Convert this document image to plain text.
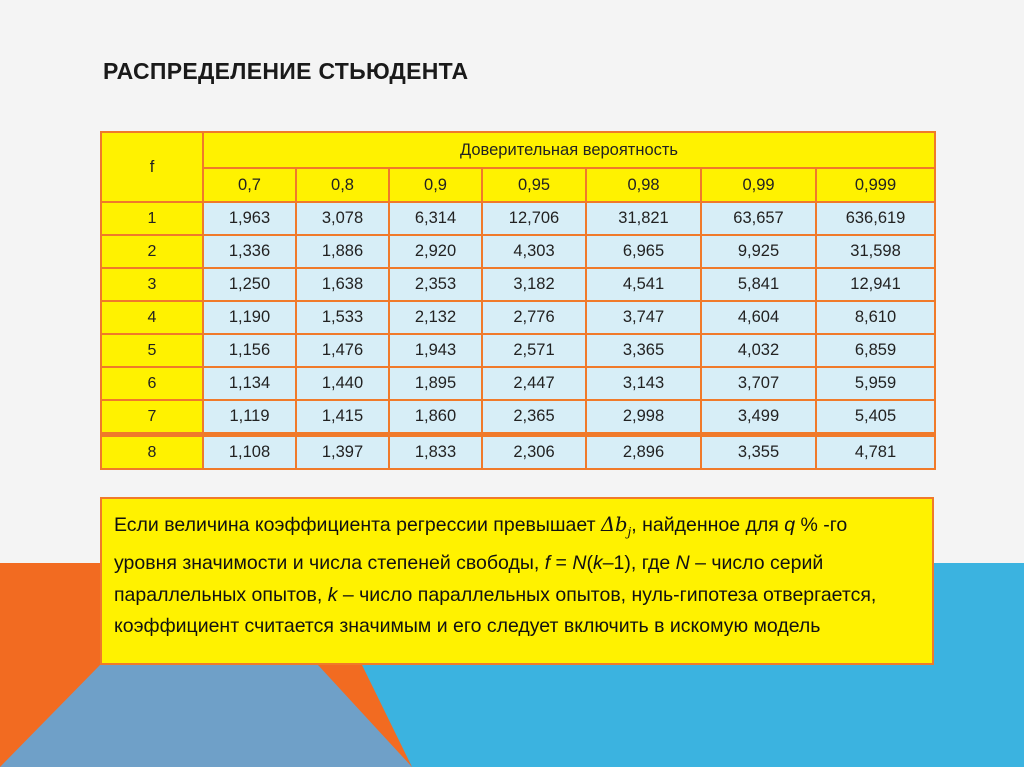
РАСПРЕДЕЛЕНИЕ СТЬЮДЕНТА
f	Доверительная вероятность						
	0,7	0,8	0,9	0,95	0,98	0,99	0,999
1	1,963	3,078	6,314	12,706	31,821	63,657	636,619
2	1,336	1,886	2,920	4,303	6,965	9,925	31,598
3	1,250	1,638	2,353	3,182	4,541	5,841	12,941
4	1,190	1,533	2,132	2,776	3,747	4,604	8,610
5	1,156	1,476	1,943	2,571	3,365	4,032	6,859
6	1,134	1,440	1,895	2,447	3,143	3,707	5,959
7	1,119	1,415	1,860	2,365	2,998	3,499	5,405
8	1,108	1,397	1,833	2,306	2,896	3,355	4,781
Если величина коэффициента регрессии превышает $\Delta b_j$, найденное для q % -го уровня значимости и числа степеней свободы, f = N(k–1), где N – число серий параллельных опытов, k – число параллельных опытов, нуль-гипотеза отвергается, коэффициент считается значимым и его следует включить в искомую модель
